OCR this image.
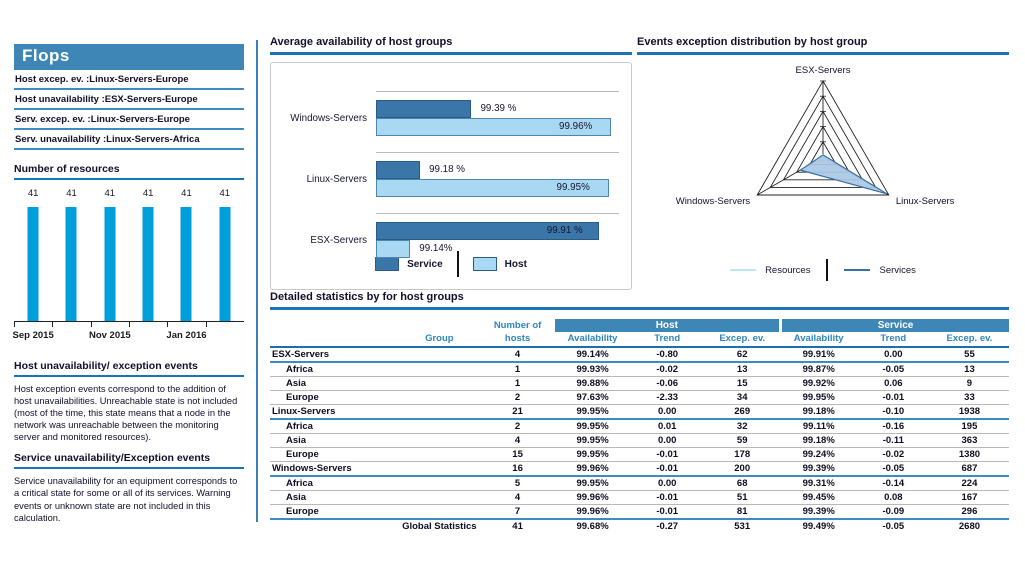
Flops
Host excep. ev. : Linux-Servers-Europe
Host unavailability : ESX-Servers-Europe
Serv. excep. ev. : Linux-Servers-Europe
Serv. unavailability : Linux-Servers-Africa
Number of resources
41	41	41	41	41	41
Sep 2015	Nov 2015	Jan 2016
Host unavailability/ exception events
Host exception events correspond to the addition of host unavailabilities. Unreachable state is not included (most of the time, this state means that a node in the network was unreachable between the monitoring server and monitored resources).
Service unavailability/Exception events
Service unavailability for an equipment corresponds to a critical state for some or all of its services. Warning events or unknown state are not included in this calculation.
Average availability of host groups
Service	Host
Windows-Servers
99.39 %
99.96%
Linux-Servers
99.18 %
99.95%
ESX-Servers
99.91 %
99.14%
Events exception distribution by host group
ESX-Servers
Linux-Servers
Windows-Servers
Resources	Services
Detailed statistics by for host groups
	Number of	Host			Service		
Group	hosts	Availability	Trend	Excep. ev.	Availability	Trend	Excep. ev.
ESX-Servers	4	99.14%	-0.80	62	99.91%	0.00	55
Africa	1	99.93%	-0.02	13	99.87%	-0.05	13
Asia	1	99.88%	-0.06	15	99.92%	0.06	9
Europe	2	97.63%	-2.33	34	99.95%	-0.01	33
Linux-Servers	21	99.95%	0.00	269	99.18%	-0.10	1938
Africa	2	99.95%	0.01	32	99.11%	-0.16	195
Asia	4	99.95%	0.00	59	99.18%	-0.11	363
Europe	15	99.95%	-0.01	178	99.24%	-0.02	1380
Windows-Servers	16	99.96%	-0.01	200	99.39%	-0.05	687
Africa	5	99.95%	0.00	68	99.31%	-0.14	224
Asia	4	99.96%	-0.01	51	99.45%	0.08	167
Europe	7	99.96%	-0.01	81	99.39%	-0.09	296
Global Statistics	41	99.68%	-0.27	531	99.49%	-0.05	2680
